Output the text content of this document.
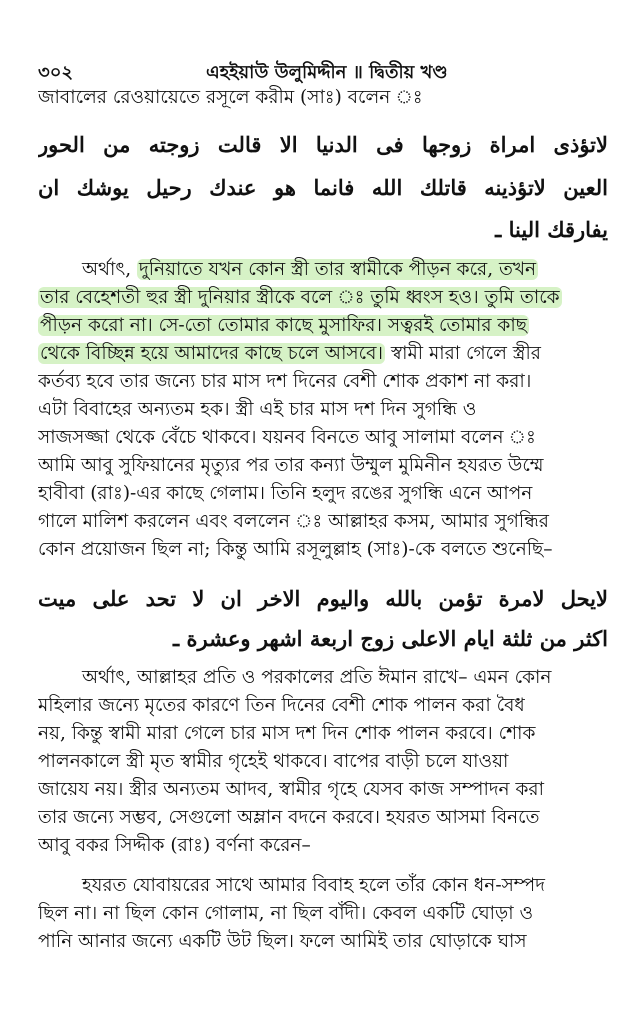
৩০২	এহইয়াউ উলুমিদ্দীন ॥ দ্বিতীয় খণ্ড
জাবালের রেওয়ায়েতে রসূলে করীম (সাঃ) বলেন ঃ
لاتؤذى امراة زوجها فى الدنيا الا قالت زوجته من الحور
العين لاتؤذينه قاتلك الله فانما هو عندك رحيل يوشك ان
يفارقك الينا ـ
অর্থাৎ, দুনিয়াতে যখন কোন স্ত্রী তার স্বামীকে পীড়ন করে, তখন
তার বেহেশতী হুর স্ত্রী দুনিয়ার স্ত্রীকে বলে ঃ তুমি ধ্বংস হও। তুমি তাকে
পীড়ন করো না। সে-তো তোমার কাছে মুসাফির। সত্বরই তোমার কাছ
থেকে বিচ্ছিন্ন হয়ে আমাদের কাছে চলে আসবে। স্বামী মারা গেলে স্ত্রীর
কর্তব্য হবে তার জন্যে চার মাস দশ দিনের বেশী শোক প্রকাশ না করা।
এটা বিবাহের অন্যতম হক। স্ত্রী এই চার মাস দশ দিন সুগন্ধি ও
সাজসজ্জা থেকে বেঁচে থাকবে। যয়নব বিনতে আবু সালামা বলেন ঃ
আমি আবু সুফিয়ানের মৃত্যুর পর তার কন্যা উম্মুল মুমিনীন হযরত উম্মে
হাবীবা (রাঃ)-এর কাছে গেলাম। তিনি হলুদ রঙের সুগন্ধি এনে আপন
গালে মালিশ করলেন এবং বললেন ঃ আল্লাহর কসম, আমার সুগন্ধির
কোন প্রয়োজন ছিল না; কিন্তু আমি রসূলুল্লাহ (সাঃ)-কে বলতে শুনেছি–
لايحل لامرة تؤمن بالله واليوم الاخر ان لا تحد على ميت
اكثر من ثلثة ايام الاعلى زوج اربعة اشهر وعشرة ـ
অর্থাৎ, আল্লাহর প্রতি ও পরকালের প্রতি ঈমান রাখে– এমন কোন
মহিলার জন্যে মৃতের কারণে তিন দিনের বেশী শোক পালন করা বৈধ
নয়, কিন্তু স্বামী মারা গেলে চার মাস দশ দিন শোক পালন করবে। শোক
পালনকালে স্ত্রী মৃত স্বামীর গৃহেই থাকবে। বাপের বাড়ী চলে যাওয়া
জায়েয নয়। স্ত্রীর অন্যতম আদব, স্বামীর গৃহে যেসব কাজ সম্পাদন করা
তার জন্যে সম্ভব, সেগুলো অম্লান বদনে করবে। হযরত আসমা বিনতে
আবু বকর সিদ্দীক (রাঃ) বর্ণনা করেন–
হযরত যোবায়রের সাথে আমার বিবাহ হলে তাঁর কোন ধন-সম্পদ
ছিল না। না ছিল কোন গোলাম, না ছিল বাঁদী। কেবল একটি ঘোড়া ও
পানি আনার জন্যে একটি উট ছিল। ফলে আমিই তার ঘোড়াকে ঘাস
